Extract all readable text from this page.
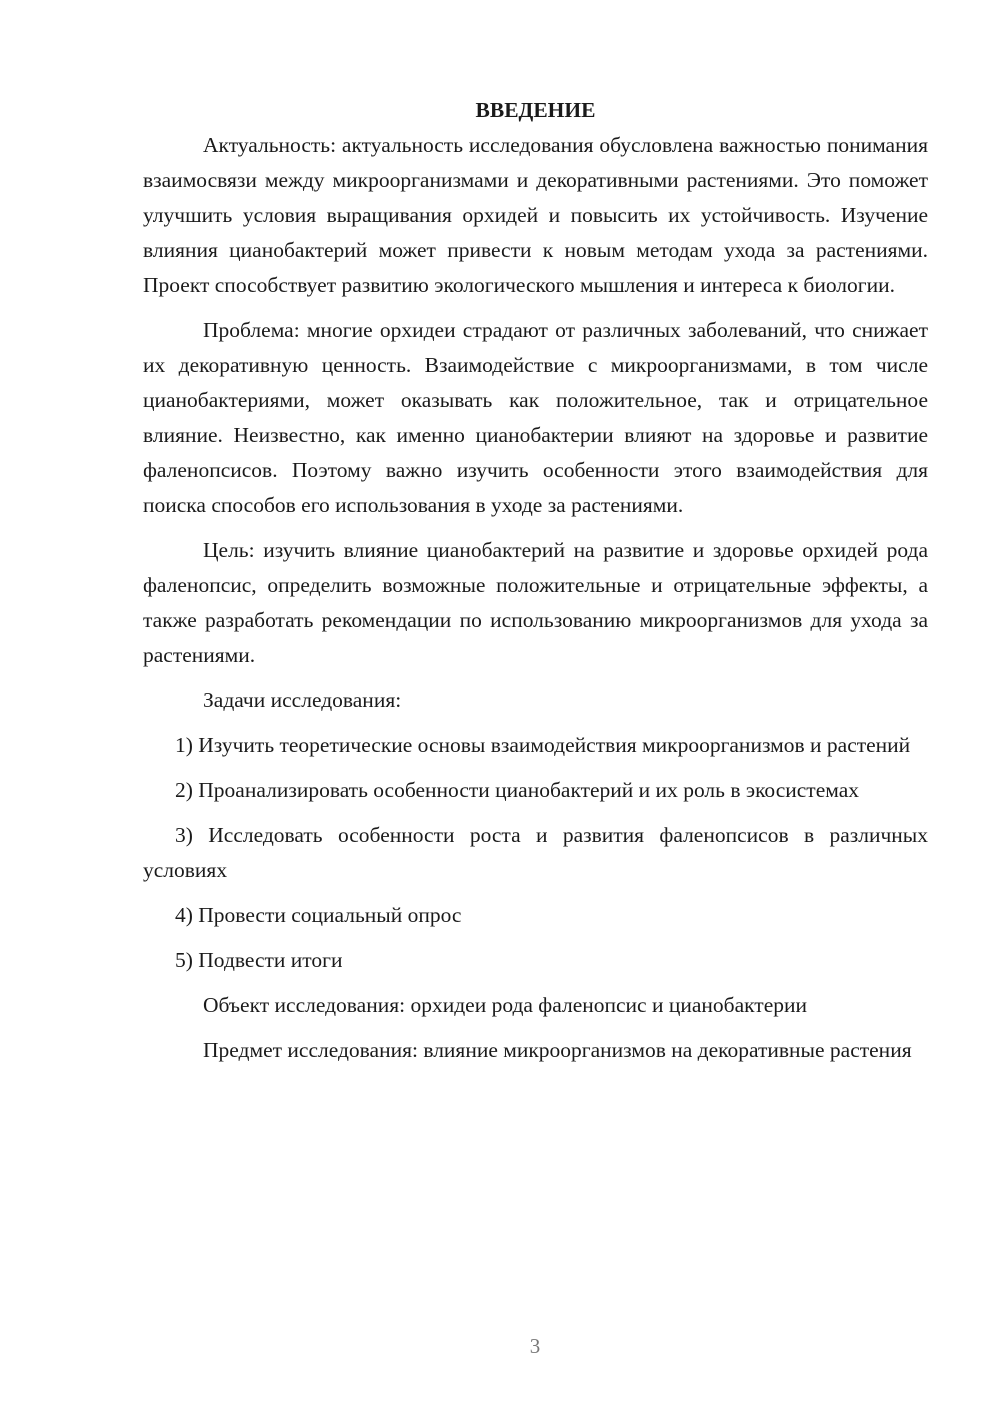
ВВЕДЕНИЕ

Актуальность: актуальность исследования обусловлена важностью понимания взаимосвязи между микроорганизмами и декоративными растениями. Это поможет улучшить условия выращивания орхидей и повысить их устойчивость. Изучение влияния цианобактерий может привести к новым методам ухода за растениями. Проект способствует развитию экологического мышления и интереса к биологии.

Проблема: многие орхидеи страдают от различных заболеваний, что снижает их декоративную ценность. Взаимодействие с микроорганизмами, в том числе цианобактериями, может оказывать как положительное, так и отрицательное влияние. Неизвестно, как именно цианобактерии влияют на здоровье и развитие фаленопсисов. Поэтому важно изучить особенности этого взаимодействия для поиска способов его использования в уходе за растениями.

Цель: изучить влияние цианобактерий на развитие и здоровье орхидей рода фаленопсис, определить возможные положительные и отрицательные эффекты, а также разработать рекомендации по использованию микроорганизмов для ухода за растениями.

Задачи исследования:

1) Изучить теоретические основы взаимодействия микроорганизмов и растений

2) Проанализировать особенности цианобактерий и их роль в экосистемах

3) Исследовать особенности роста и развития фаленопсисов в различных условиях

4) Провести социальный опрос

5) Подвести итоги

Объект исследования: орхидеи рода фаленопсис и цианобактерии

Предмет исследования: влияние микроорганизмов на декоративные растения

3
